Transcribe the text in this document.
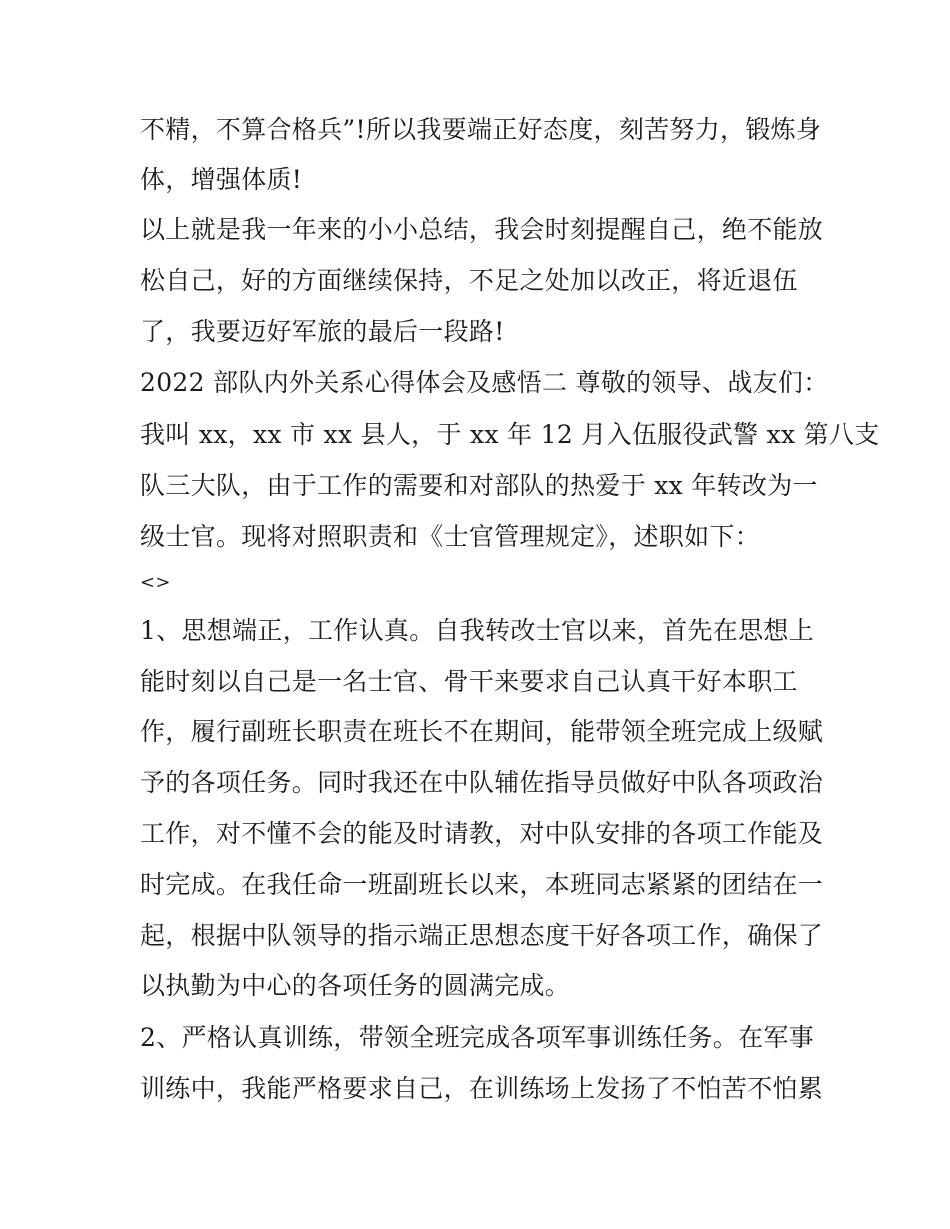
不精，不算合格兵”!所以我要端正好态度，刻苦努力，锻炼身
体，增强体质!
以上就是我一年来的小小总结，我会时刻提醒自己，绝不能放
松自己，好的方面继续保持，不足之处加以改正，将近退伍
了，我要迈好军旅的最后一段路!
2022 部队内外关系心得体会及感悟二 尊敬的领导、战友们：
我叫 xx，xx 市 xx 县人，于 xx 年 12 月入伍服役武警 xx 第八支
队三大队，由于工作的需要和对部队的热爱于 xx 年转改为一
级士官。现将对照职责和《士官管理规定》，述职如下：
<>
1、思想端正，工作认真。自我转改士官以来，首先在思想上
能时刻以自己是一名士官、骨干来要求自己认真干好本职工
作，履行副班长职责在班长不在期间，能带领全班完成上级赋
予的各项任务。同时我还在中队辅佐指导员做好中队各项政治
工作，对不懂不会的能及时请教，对中队安排的各项工作能及
时完成。在我任命一班副班长以来，本班同志紧紧的团结在一
起，根据中队领导的指示端正思想态度干好各项工作，确保了
以执勤为中心的各项任务的圆满完成。
2、严格认真训练，带领全班完成各项军事训练任务。在军事
训练中，我能严格要求自己，在训练场上发扬了不怕苦不怕累
